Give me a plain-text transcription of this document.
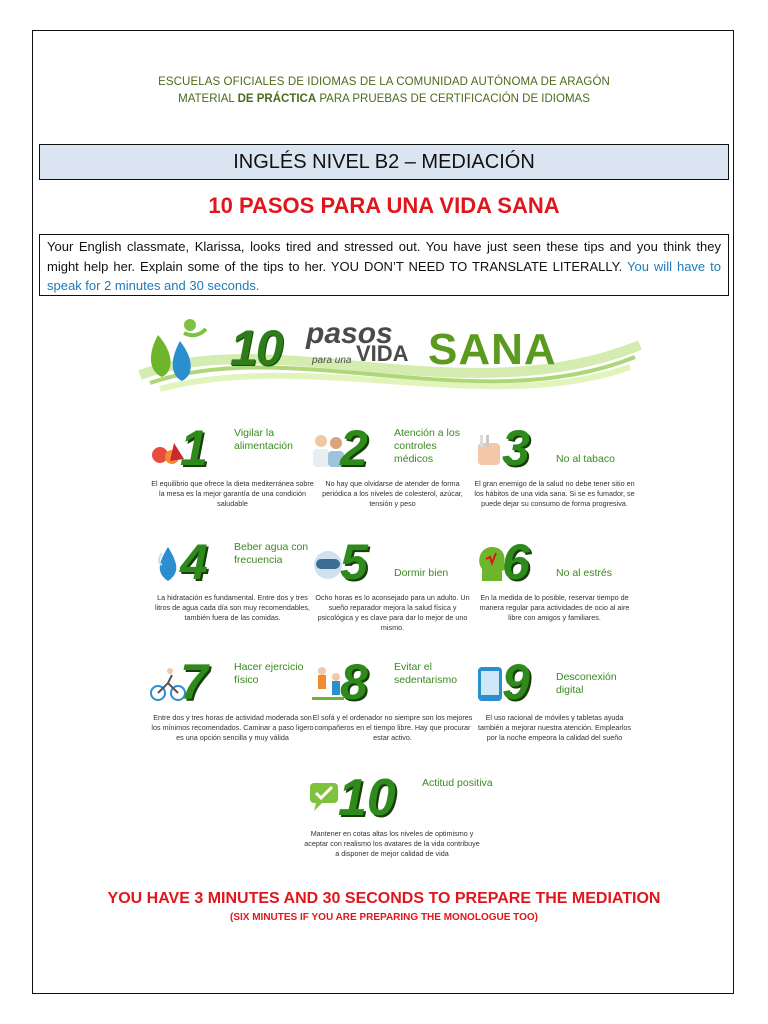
ESCUELAS OFICIALES DE IDIOMAS DE LA COMUNIDAD AUTÓNOMA DE ARAGÓN
MATERIAL DE PRÁCTICA PARA PRUEBAS DE CERTIFICACIÓN DE IDIOMAS
INGLÉS NIVEL B2 – MEDIACIÓN
10 PASOS PARA UNA VIDA SANA
Your English classmate, Klarissa, looks tired and stressed out. You have just seen these tips and you think they might help her. Explain some of the tips to her. YOU DON’T NEED TO TRANSLATE LITERALLY. You will have to speak for 2 minutes and 30 seconds.
10 pasos
para una VIDA SANA
1 Vigilar la alimentación
El equilibrio que ofrece la dieta mediterránea sobre la mesa es la mejor garantía de una condición saludable
2 Atención a los controles médicos
No hay que olvidarse de atender de forma periódica a los niveles de colesterol, azúcar, tensión y peso
3 No al tabaco
El gran enemigo de la salud no debe tener sitio en los hábitos de una vida sana. Si se es fumador, se puede dejar su consumo de forma progresiva.
4 Beber agua con frecuencia
La hidratación es fundamental. Entre dos y tres litros de agua cada día son muy recomendables, también fuera de las comidas.
5 Dormir bien
Ocho horas es lo aconsejado para un adulto. Un sueño reparador mejora la salud física y psicológica y es clave para dar lo mejor de uno mismo.
6 No al estrés
En la medida de lo posible, reservar tiempo de manera regular para actividades de ocio al aire libre con amigos y familiares.
7 Hacer ejercicio físico
Entre dos y tres horas de actividad moderada son los mínimos recomendados. Caminar a paso ligero es una opción sencilla y muy válida
8 Evitar el sedentarismo
El sofá y el ordenador no siempre son los mejores compañeros en el tiempo libre. Hay que procurar estar activo.
9 Desconexión digital
El uso racional de móviles y tabletas ayuda también a mejorar nuestra atención. Emplearlos por la noche empeora la calidad del sueño
10 Actitud positiva
Mantener en cotas altas los niveles de optimismo y aceptar con realismo los avatares de la vida contribuye a disponer de mejor calidad de vida
YOU HAVE 3 MINUTES AND 30 SECONDS TO PREPARE THE MEDIATION
(SIX MINUTES IF YOU ARE PREPARING THE MONOLOGUE TOO)
